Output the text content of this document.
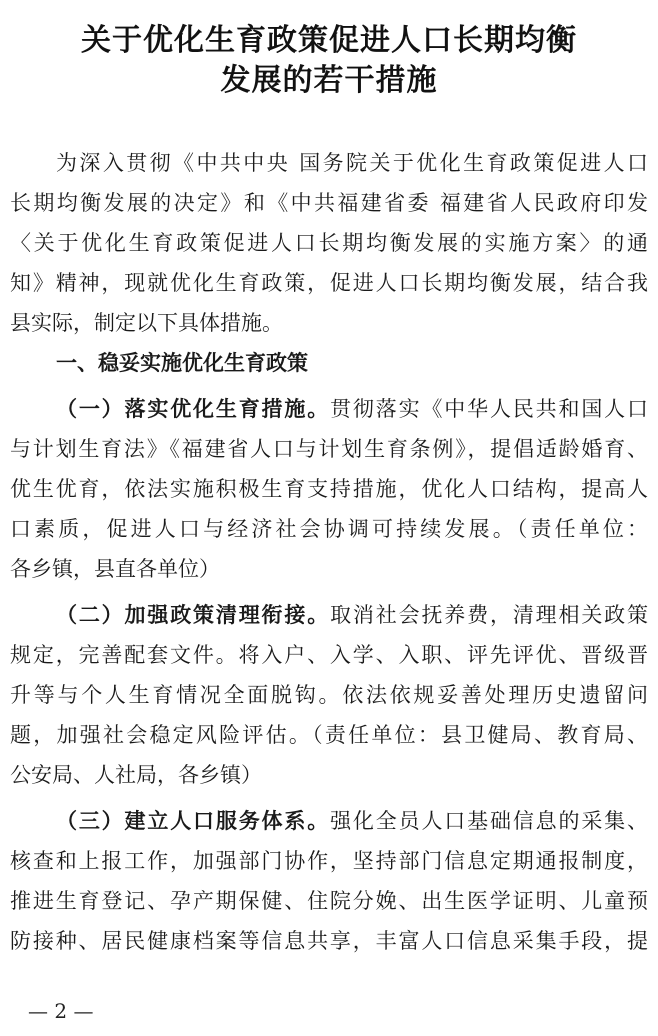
关于优化生育政策促进人口长期均衡
发展的若干措施
为深入贯彻《中共中央 国务院关于优化生育政策促进人口
长期均衡发展的决定》和《中共福建省委 福建省人民政府印发
〈关于优化生育政策促进人口长期均衡发展的实施方案〉的通
知》精神，现就优化生育政策，促进人口长期均衡发展，结合我
县实际，制定以下具体措施。
一、稳妥实施优化生育政策
（一）落实优化生育措施。贯彻落实《中华人民共和国人口
与计划生育法》《福建省人口与计划生育条例》，提倡适龄婚育、
优生优育，依法实施积极生育支持措施，优化人口结构，提高人
口素质，促进人口与经济社会协调可持续发展。（责任单位：
各乡镇，县直各单位）
（二）加强政策清理衔接。取消社会抚养费，清理相关政策
规定，完善配套文件。将入户、入学、入职、评先评优、晋级晋
升等与个人生育情况全面脱钩。依法依规妥善处理历史遗留问
题，加强社会稳定风险评估。（责任单位：县卫健局、教育局、
公安局、人社局，各乡镇）
（三）建立人口服务体系。强化全员人口基础信息的采集、
核查和上报工作，加强部门协作，坚持部门信息定期通报制度，
推进生育登记、孕产期保健、住院分娩、出生医学证明、儿童预
防接种、居民健康档案等信息共享，丰富人口信息采集手段，提
— 2 —
